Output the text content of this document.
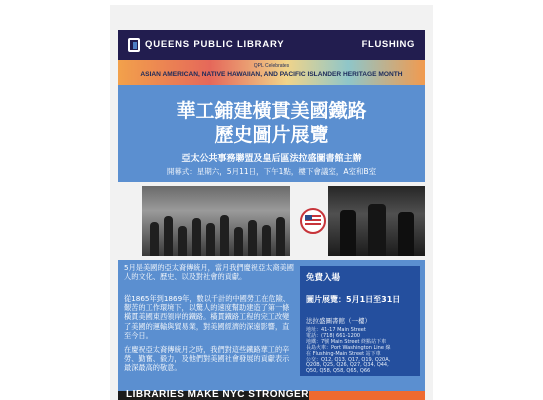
QUEENS PUBLIC LIBRARY	FLUSHING
QPL Celebrates
ASIAN AMERICAN, NATIVE HAWAIIAN, AND PACIFIC ISLANDER HERITAGE MONTH
華工鋪建橫貫美國鐵路
歷史圖片展覽
亞太公共事務聯盟及皇后區法拉盛圖書館主辦
開幕式：星期六，5月11日，下午1點，樓下會議室，A室和B室
5月是美國的亞太裔傳統月，當月我們慶祝亞太裔美國人的文化、歷史、以及對社會的貢獻。
從1865年到1869年，數以千計的中國勞工在危險、艱苦的工作環境下，以驚人的速度幫助建造了第一條橫貫美國東西領岸的鐵路。橫貫鐵路工程的完工改變了美國的運輸與貿易業，對美國經濟的深遠影響，直至今日。
在慶祝亞太裔傳統月之時，我們對這些鐵路華工的辛勞、勤奮、毅力，及他們對美國社會發展的貢獻表示最深最高的敬意。
免費入場
圖片展覽：5月1日至31日
法拉盛圖書館（一樓）
地址：41-17 Main Street
電話：(718) 661-1200
地鐵：7號 Main Street 終點站下車
長島火車：Port Washington Line 線
在 Flushing-Main Street 站下車
公交：Q12, Q13, Q17, Q19, Q20A,
Q20B, Q25, Q26, Q27, Q34, Q44,
Q50, Q58, Q58, Q65, Q66
LIBRARIES MAKE NYC STRONGER
